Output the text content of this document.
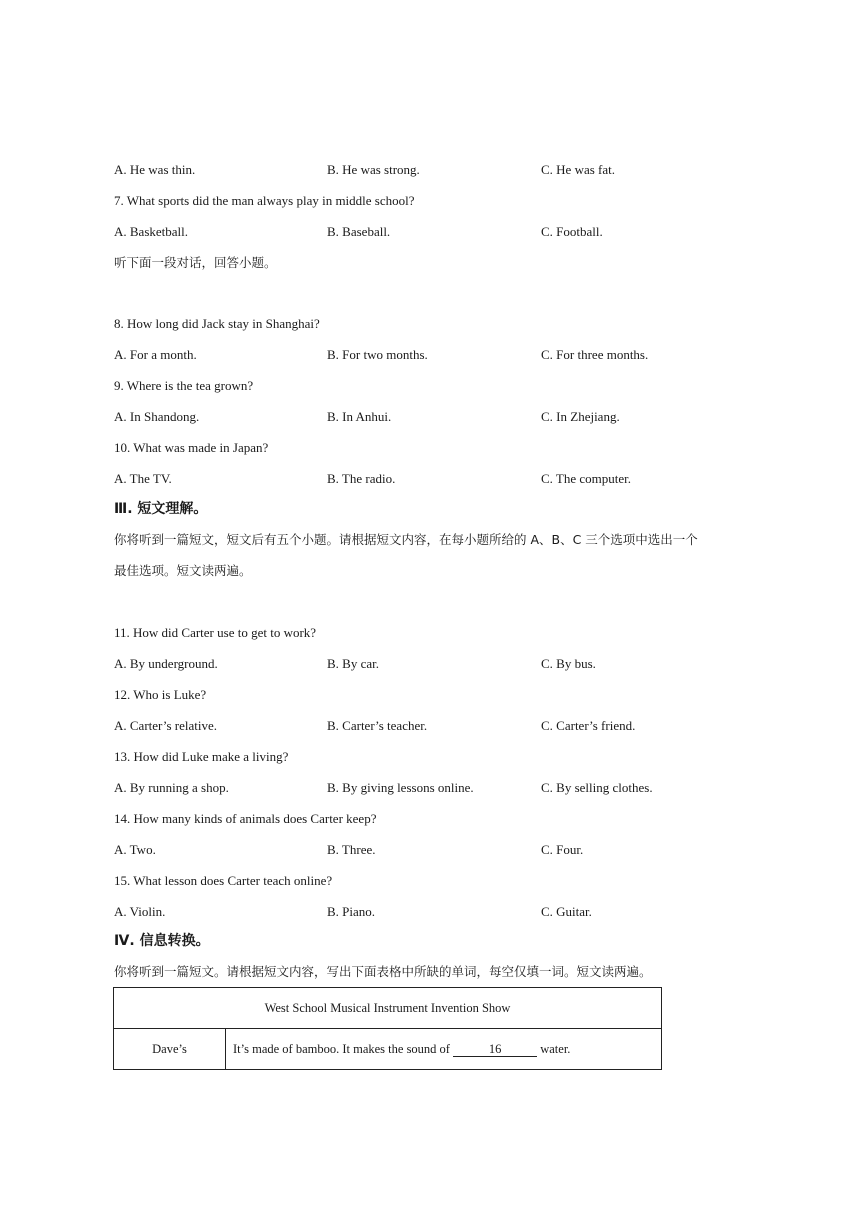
A. He was thin.	B. He was strong.	C. He was fat.
7. What sports did the man always play in middle school?
A. Basketball.	B. Baseball.	C. Football.
听下面一段对话，回答小题。
8. How long did Jack stay in Shanghai?
A. For a month.	B. For two months.	C. For three months.
9. Where is the tea grown?
A. In Shandong.	B. In Anhui.	C. In Zhejiang.
10. What was made in Japan?
A. The TV.	B. The radio.	C. The computer.
Ⅲ. 短文理解。
你将听到一篇短文，短文后有五个小题。请根据短文内容，在每小题所给的 A、B、C 三个选项中选出一个
最佳选项。短文读两遍。
11. How did Carter use to get to work?
A. By underground.	B. By car.	C. By bus.
12. Who is Luke?
A. Carter’s relative.	B. Carter’s teacher.	C. Carter’s friend.
13. How did Luke make a living?
A. By running a shop.	B. By giving lessons online.	C. By selling clothes.
14. How many kinds of animals does Carter keep?
A. Two.	B. Three.	C. Four.
15. What lesson does Carter teach online?
A. Violin.	B. Piano.	C. Guitar.
Ⅳ. 信息转换。
你将听到一篇短文。请根据短文内容，写出下面表格中所缺的单词，每空仅填一词。短文读两遍。
West School Musical Instrument Invention Show
Dave’s	It’s made of bamboo. It makes the sound of	16	water.
